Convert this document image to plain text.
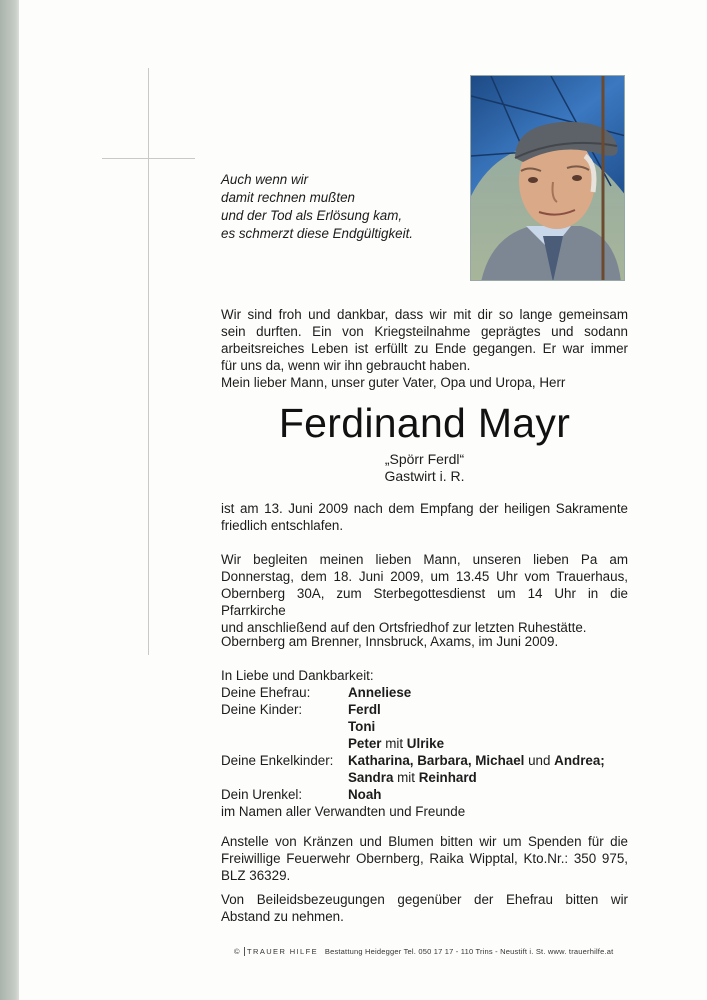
Auch wenn wir
damit rechnen mußten
und der Tod als Erlösung kam,
es schmerzt diese Endgültigkeit.
Wir sind froh und dankbar, dass wir mit dir so lange gemeinsam
sein durften. Ein von Kriegsteilnahme geprägtes und sodann
arbeitsreiches Leben ist erfüllt zu Ende gegangen. Er war immer
für uns da, wenn wir ihn gebraucht haben.
Mein lieber Mann, unser guter Vater, Opa und Uropa, Herr
Ferdinand Mayr
„Spörr Ferdl“
Gastwirt i. R.
ist am 13. Juni 2009 nach dem Empfang der heiligen Sakramente
friedlich entschlafen.
Wir begleiten meinen lieben Mann, unseren lieben Pa am
Donnerstag, dem 18. Juni 2009, um 13.45 Uhr vom Trauerhaus,
Obernberg 30A, zum Sterbegottesdienst um 14 Uhr in die Pfarrkirche
und anschließend auf den Ortsfriedhof zur letzten Ruhestätte.
Obernberg am Brenner, Innsbruck, Axams, im Juni 2009.
In Liebe und Dankbarkeit:
Deine Ehefrau:	Anneliese
Deine Kinder:	Ferdl
Toni
Peter mit Ulrike
Deine Enkelkinder: Katharina, Barbara, Michael und Andrea;
Sandra mit Reinhard
Dein Urenkel:	Noah
im Namen aller Verwandten und Freunde
Anstelle von Kränzen und Blumen bitten wir um Spenden für die
Freiwillige Feuerwehr Obernberg, Raika Wipptal, Kto.Nr.: 350 975,
BLZ 36329.
Von Beileidsbezeugungen gegenüber der Ehefrau bitten wir
Abstand zu nehmen.
© TRAUER HILFE Bestattung Heidegger Tel. 050 17 17 - 110 Trins - Neustift i. St. www. trauerhilfe.at
